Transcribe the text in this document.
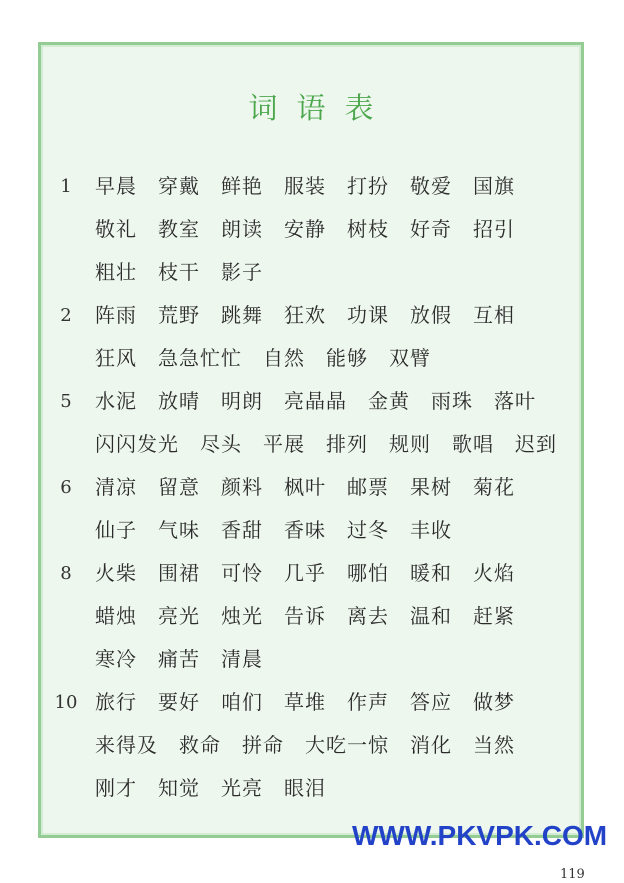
词语表
1	早晨 穿戴 鲜艳 服装 打扮 敬爱 国旗
敬礼 教室 朗读 安静 树枝 好奇 招引
粗壮 枝干 影子
2	阵雨 荒野 跳舞 狂欢 功课 放假 互相
狂风 急急忙忙 自然 能够 双臂
5	水泥 放晴 明朗 亮晶晶 金黄 雨珠 落叶
闪闪发光 尽头 平展 排列 规则 歌唱 迟到
6	清凉 留意 颜料 枫叶 邮票 果树 菊花
仙子 气味 香甜 香味 过冬 丰收
8	火柴 围裙 可怜 几乎 哪怕 暖和 火焰
蜡烛 亮光 烛光 告诉 离去 温和 赶紧
寒冷 痛苦 清晨
10 旅行 要好 咱们 草堆 作声 答应 做梦
来得及 救命 拼命 大吃一惊 消化 当然
刚才 知觉 光亮 眼泪
WWW.PKVPK.COM
119
